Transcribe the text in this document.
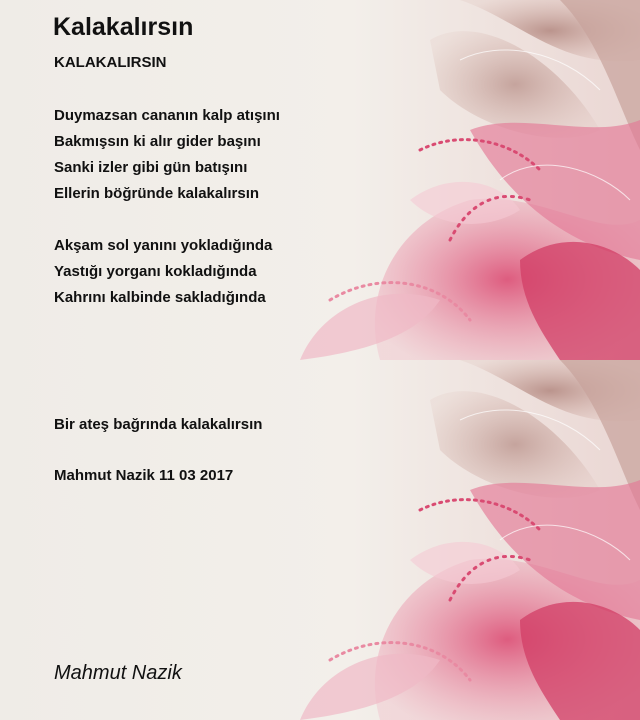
Kalakalırsın
KALAKALIRSIN
Duymazsan cananın kalp atışını
Bakmışsın ki alır gider başını
Sanki izler gibi gün batışını
Ellerin böğründe kalakalırsın
Akşam sol yanını yokladığında
Yastığı yorganı kokladığında
Kahrını kalbinde sakladığında
Bir ateş bağrında kalakalırsın
Mahmut Nazik 11 03 2017
Mahmut Nazik
